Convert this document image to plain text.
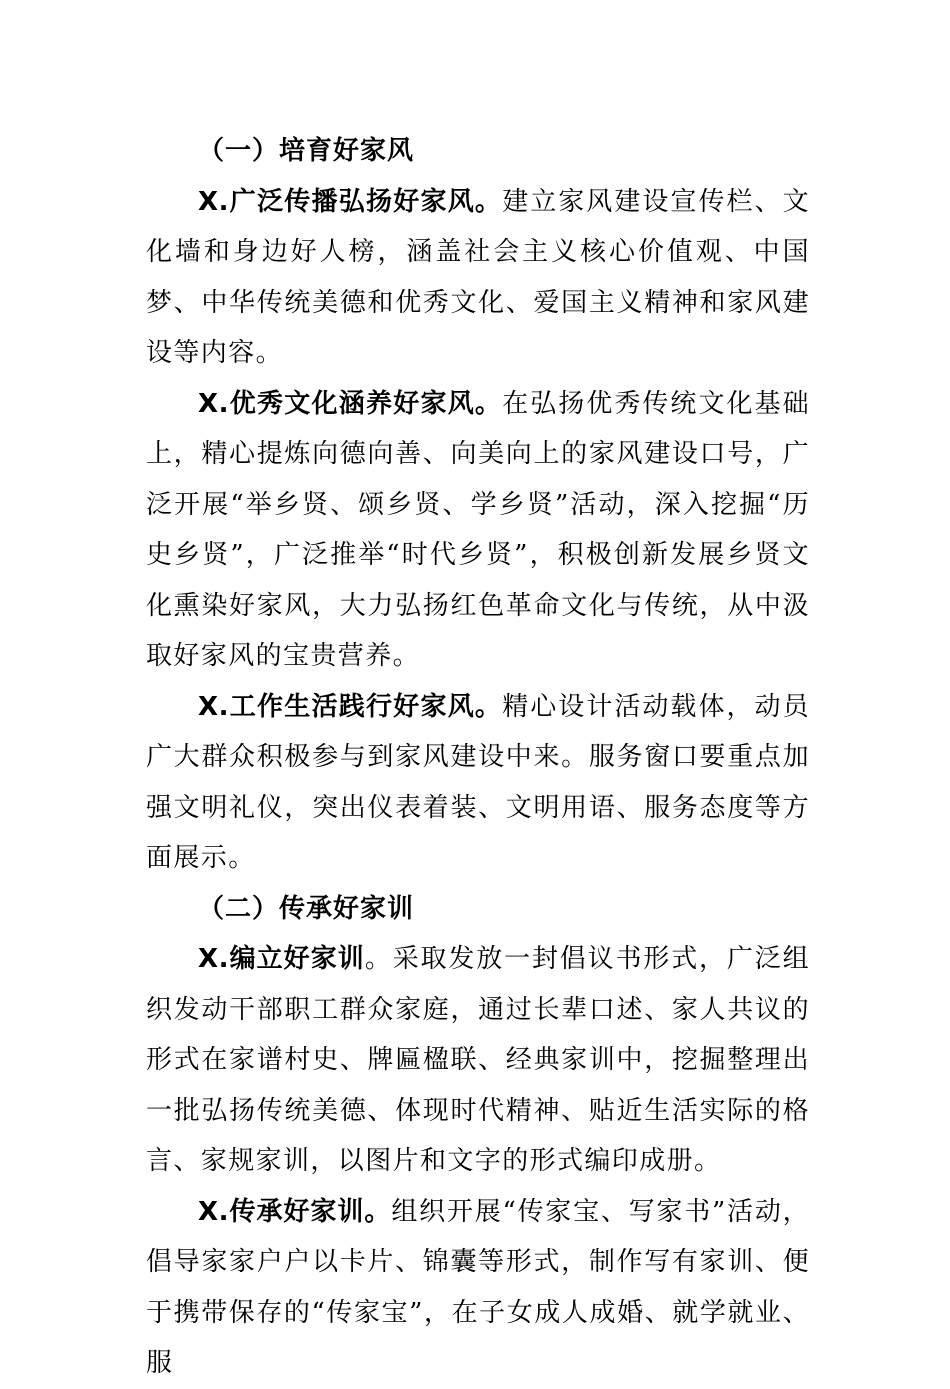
（一）培育好家风

X.广泛传播弘扬好家风。建立家风建设宣传栏、文化墙和身边好人榜，涵盖社会主义核心价值观、中国梦、中华传统美德和优秀文化、爱国主义精神和家风建设等内容。

X.优秀文化涵养好家风。在弘扬优秀传统文化基础上，精心提炼向德向善、向美向上的家风建设口号，广泛开展“举乡贤、颂乡贤、学乡贤”活动，深入挖掘“历史乡贤”，广泛推举“时代乡贤”，积极创新发展乡贤文化熏染好家风，大力弘扬红色革命文化与传统，从中汲取好家风的宝贵营养。

X.工作生活践行好家风。精心设计活动载体，动员广大群众积极参与到家风建设中来。服务窗口要重点加强文明礼仪，突出仪表着装、文明用语、服务态度等方面展示。

（二）传承好家训

X.编立好家训。采取发放一封倡议书形式，广泛组织发动干部职工群众家庭，通过长辈口述、家人共议的形式在家谱村史、牌匾楹联、经典家训中，挖掘整理出一批弘扬传统美德、体现时代精神、贴近生活实际的格言、家规家训，以图片和文字的形式编印成册。

X.传承好家训。组织开展“传家宝、写家书”活动，倡导家家户户以卡片、锦囊等形式，制作写有家训、便于携带保存的“传家宝”，在子女成人成婚、就学就业、服
